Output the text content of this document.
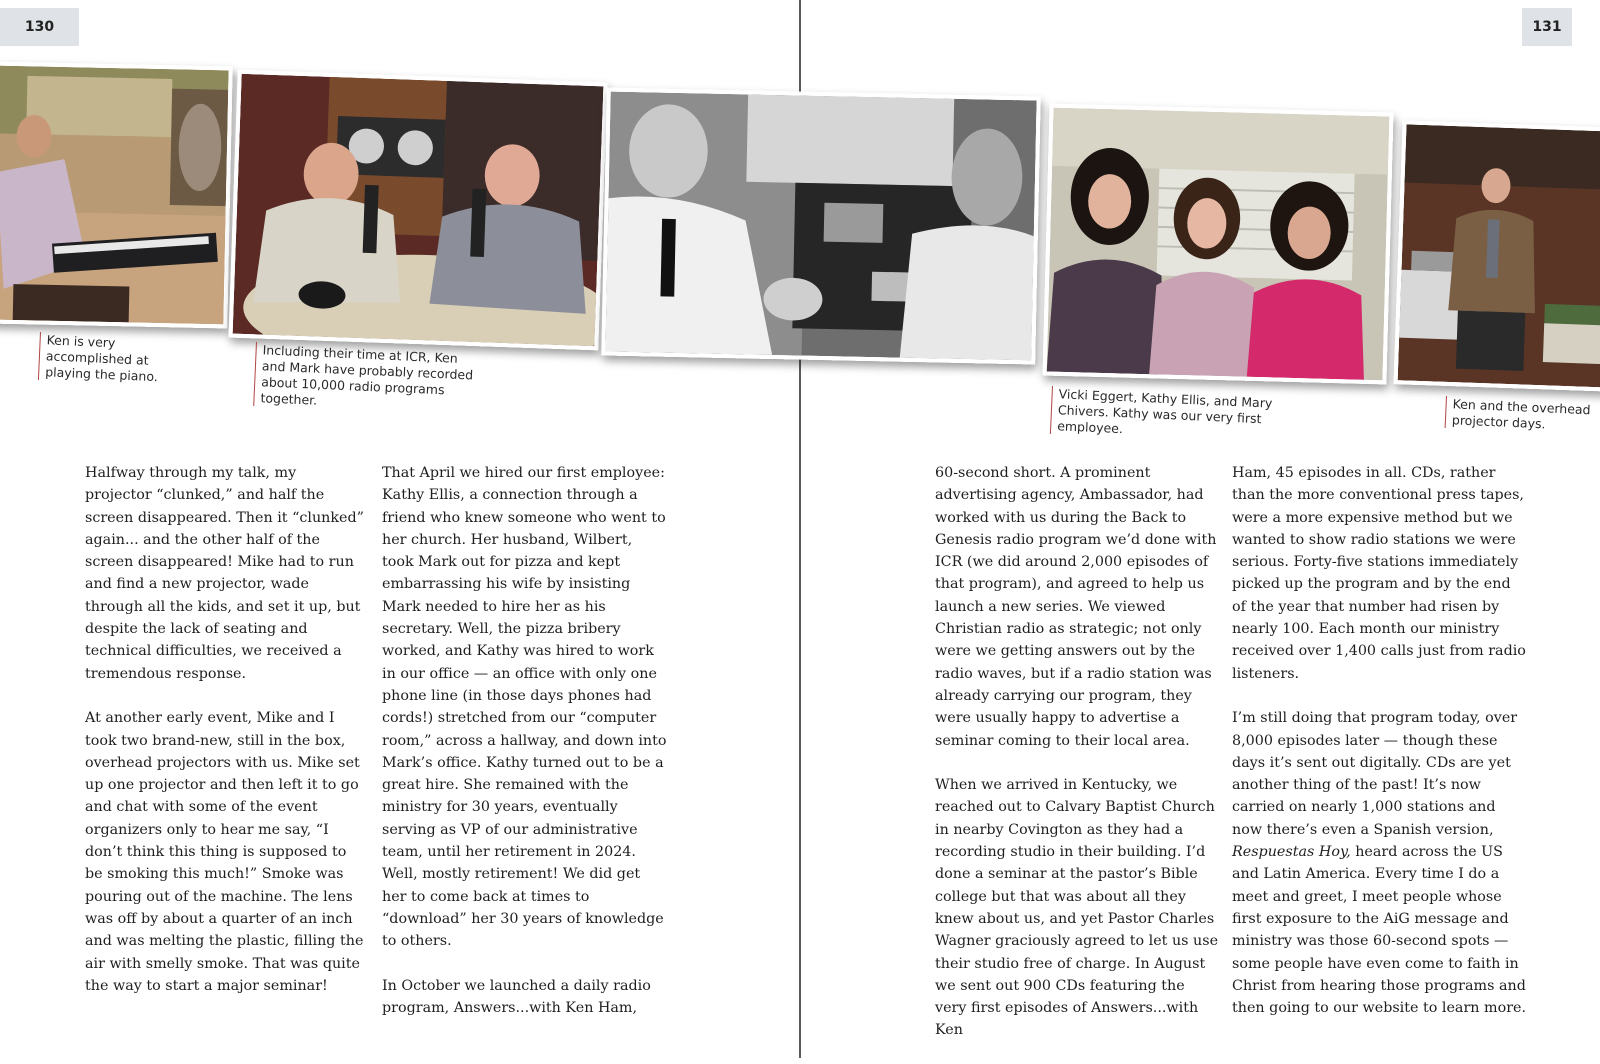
130	131
Ken is very accomplished at playing the piano.
Including their time at ICR, Ken and Mark have probably recorded about 10,000 radio programs together.	Vicki Eggert, Kathy Ellis, and Mary Chivers. Kathy was our very first employee.
Ken and the overhead projector days.

Halfway through my talk, my projector “clunked,” and half the screen disappeared. Then it “clunked” again... and the other half of the screen disappeared! Mike had to run and find a new projector, wade through all the kids, and set it up, but despite the lack of seating and technical difficulties, we received a tremendous response.

At another early event, Mike and I took two brand-new, still in the box, overhead projectors with us. Mike set up one projector and then left it to go and chat with some of the event organizers only to hear me say, “I don’t think this thing is supposed to be smoking this much!” Smoke was pouring out of the machine. The lens was off by about a quarter of an inch and was melting the plastic, filling the air with smelly smoke. That was quite the way to start a major seminar!

That April we hired our first employee: Kathy Ellis, a connection through a friend who knew someone who went to her church. Her husband, Wilbert, took Mark out for pizza and kept embarrassing his wife by insisting Mark needed to hire her as his secretary. Well, the pizza bribery worked, and Kathy was hired to work in our office — an office with only one phone line (in those days phones had cords!) stretched from our “computer room,” across a hallway, and down into Mark’s office. Kathy turned out to be a great hire. She remained with the ministry for 30 years, eventually serving as VP of our administrative team, until her retirement in 2024. Well, mostly retirement! We did get her to come back at times to “download” her 30 years of knowledge to others.

In October we launched a daily radio program, Answers...with Ken Ham,

60-second short. A prominent advertising agency, Ambassador, had worked with us during the Back to Genesis radio program we’d done with ICR (we did around 2,000 episodes of that program), and agreed to help us launch a new series. We viewed Christian radio as strategic; not only were we getting answers out by the radio waves, but if a radio station was already carrying our program, they were usually happy to advertise a seminar coming to their local area.

When we arrived in Kentucky, we reached out to Calvary Baptist Church in nearby Covington as they had a recording studio in their building. I’d done a seminar at the pastor’s Bible college but that was about all they knew about us, and yet Pastor Charles Wagner graciously agreed to let us use their studio free of charge. In August we sent out 900 CDs featuring the very first episodes of Answers...with Ken

Ham, 45 episodes in all. CDs, rather than the more conventional press tapes, were a more expensive method but we wanted to show radio stations we were serious. Forty-five stations immediately picked up the program and by the end of the year that number had risen by nearly 100. Each month our ministry received over 1,400 calls just from radio listeners.

I’m still doing that program today, over 8,000 episodes later — though these days it’s sent out digitally. CDs are yet another thing of the past! It’s now carried on nearly 1,000 stations and now there’s even a Spanish version, Respuestas Hoy, heard across the US and Latin America. Every time I do a meet and greet, I meet people whose first exposure to the AiG message and ministry was those 60-second spots — some people have even come to faith in Christ from hearing those programs and then going to our website to learn more.
